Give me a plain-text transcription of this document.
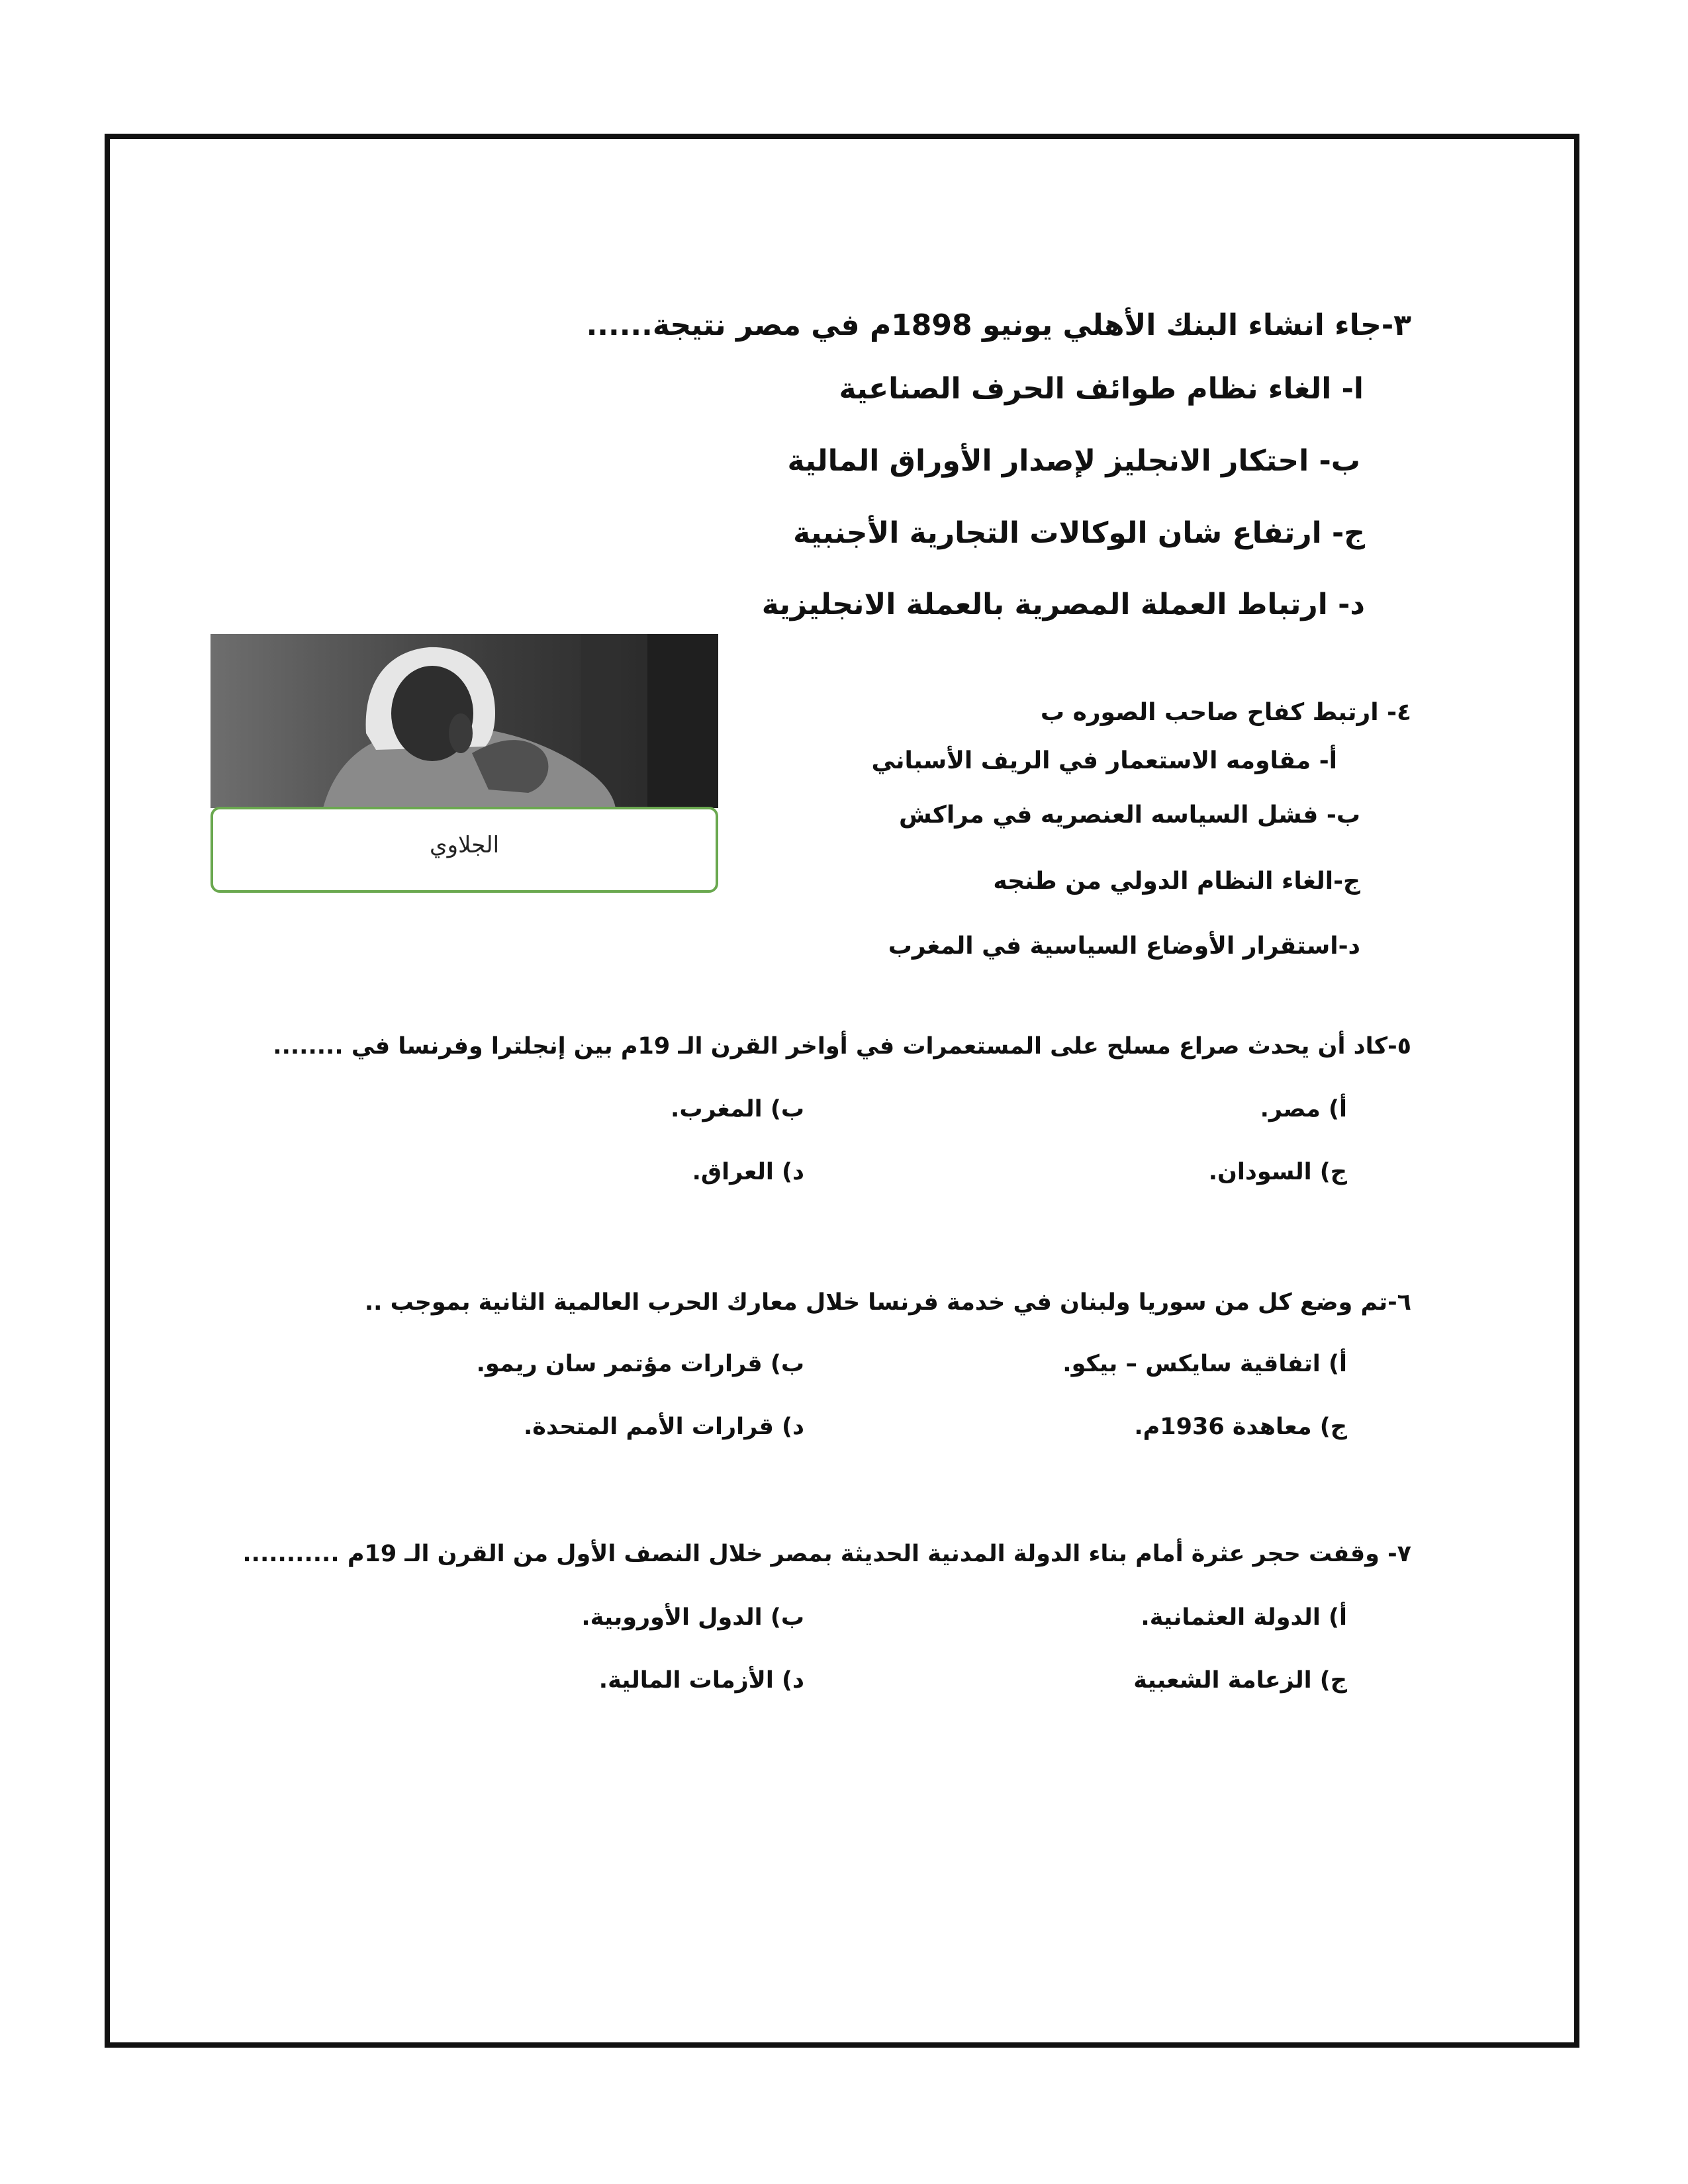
٣-جاء انشاء البنك الأهلي يونيو 1898م في مصر نتيجة......
ا- الغاء نظام طوائف الحرف الصناعية
ب- احتكار الانجليز لإصدار الأوراق المالية
ج- ارتفاع شان الوكالات التجارية الأجنبية
د- ارتباط العملة المصرية بالعملة الانجليزية
الجلاوي
٤- ارتبط كفاح صاحب الصوره ب
أ- مقاومه الاستعمار في الريف الأسباني
ب- فشل السياسه العنصريه في مراكش
ج-الغاء النظام الدولي من طنجه
د-استقرار الأوضاع السياسية في المغرب
٥-كاد أن يحدث صراع مسلح على المستعمرات في أواخر القرن الـ 19م بين إنجلترا وفرنسا في ........
أ) مصر.
ب) المغرب.
ج) السودان.
د) العراق.
٦-تم وضع كل من سوريا ولبنان في خدمة فرنسا خلال معارك الحرب العالمية الثانية بموجب ..
أ) اتفاقية سايكس – بيكو.
ب) قرارات مؤتمر سان ريمو.
ج) معاهدة 1936م.
د) قرارات الأمم المتحدة.
٧- وقفت حجر عثرة أمام بناء الدولة المدنية الحديثة بمصر خلال النصف الأول من القرن الـ 19م ...........
أ) الدولة العثمانية.
ب) الدول الأوروبية.
ج) الزعامة الشعبية
د) الأزمات المالية.
